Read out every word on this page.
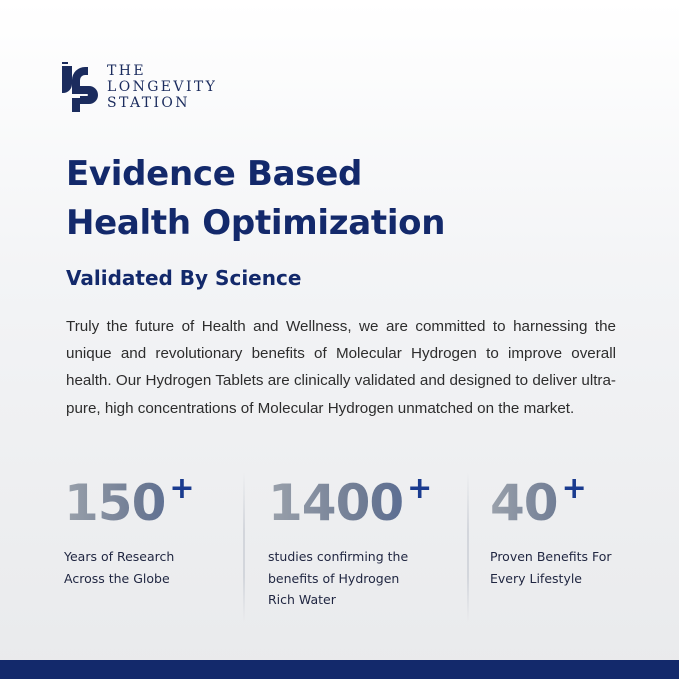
THE
LONGEVITY
STATION
Evidence Based
Health Optimization
Validated By Science

Truly the future of Health and Wellness, we are committed to harnessing the unique and revolutionary benefits of Molecular Hydrogen to improve overall health. Our Hydrogen Tablets are clinically validated and designed to deliver ultra-pure, high concentrations of Molecular Hydrogen unmatched on the market.

150 +
Years of Research
Across the Globe
1400 +
studies confirming the
benefits of Hydrogen
Rich Water
40 +
Proven Benefits For
Every Lifestyle
